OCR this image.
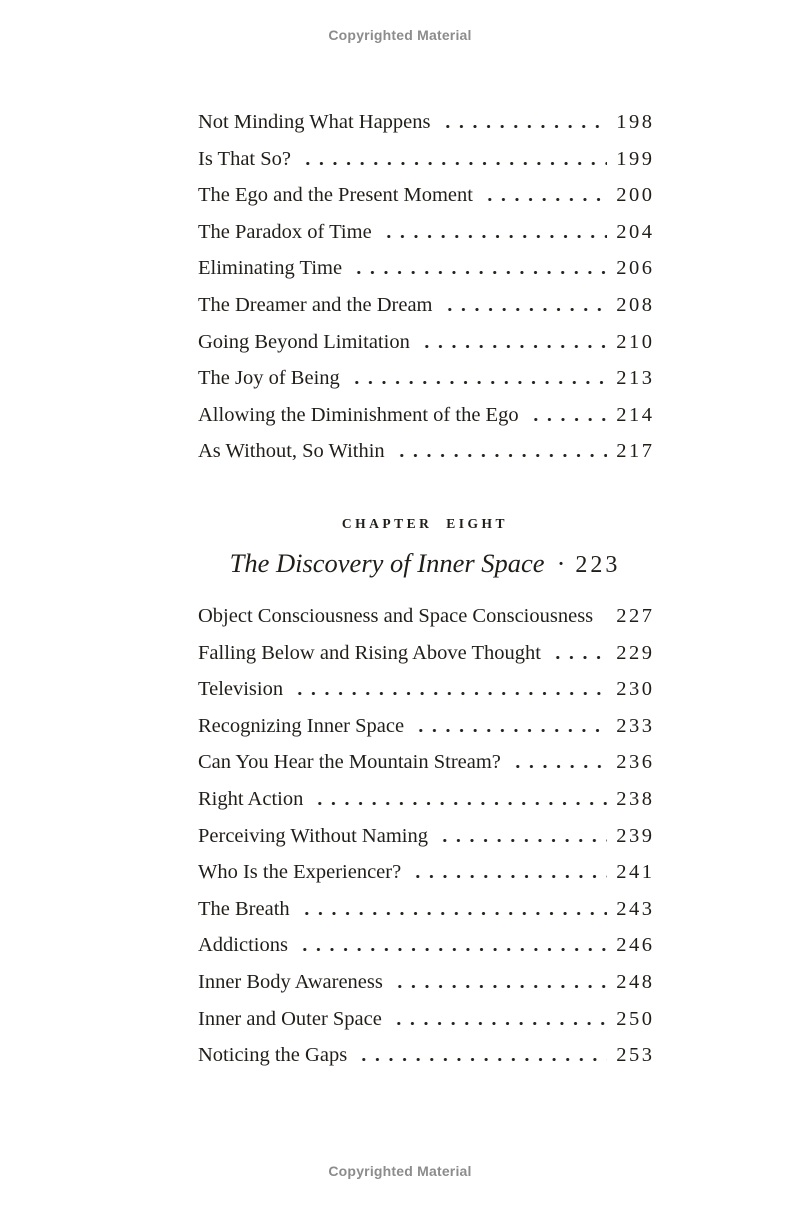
Copyrighted Material
Not Minding What Happens	198
Is That So?	199
The Ego and the Present Moment	200
The Paradox of Time	204
Eliminating Time	206
The Dreamer and the Dream	208
Going Beyond Limitation	210
The Joy of Being	213
Allowing the Diminishment of the Ego	214
As Without, So Within	217
CHAPTER EIGHT
The Discovery of Inner Space · 223
Object Consciousness and Space Consciousness 227
Falling Below and Rising Above Thought	229
Television	230
Recognizing Inner Space	233
Can You Hear the Mountain Stream?	236
Right Action	238
Perceiving Without Naming	239
Who Is the Experiencer?	241
The Breath	243
Addictions	246
Inner Body Awareness	248
Inner and Outer Space	250
Noticing the Gaps	253
Copyrighted Material
